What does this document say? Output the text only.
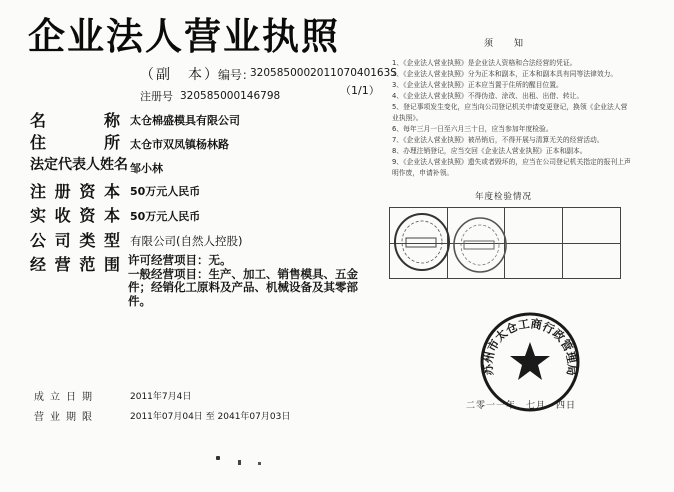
企业法人营业执照
（副　本）
编号：
320585000201107040163S
（1/1）
注册号 320585000146798
名　　称 太仓棉盛模具有限公司
住　　所 太仓市双凤镇杨林路
法定代表人姓名 邹小林
注册资本 50万元人民币
实收资本 50万元人民币
公司类型 有限公司(自然人控股)
经营范围 许可经营项目：无。
一般经营项目：生产、加工、销售模具、五金件；经销化工原料及产品、机械设备及其零部件。
成立日期	2011年7月4日
营业期限	2011年07月04日 至 2041年07月03日
须　知
1、《企业法人营业执照》是企业法人资格和合法经营的凭证。
2、《企业法人营业执照》分为正本和副本，正本和副本具有同等法律效力。
3、《企业法人营业执照》正本应当置于住所的醒目位置。
4、《企业法人营业执照》不得伪造、涂改、出租、出借、转让。
5、登记事项发生变化，应当向公司登记机关申请变更登记，换领《企业法人营业执照》。
6、每年三月一日至六月三十日，应当参加年度检验。
7、《企业法人营业执照》被吊销后，不得开展与清算无关的经营活动。
8、办理注销登记，应当交回《企业法人营业执照》正本和副本。
9、《企业法人营业执照》遗失或者毁坏的，应当在公司登记机关指定的报刊上声明作废，申请补领。
年度检验情况
苏州市太仓工商行政管理局
二零一一年　七月　四日
